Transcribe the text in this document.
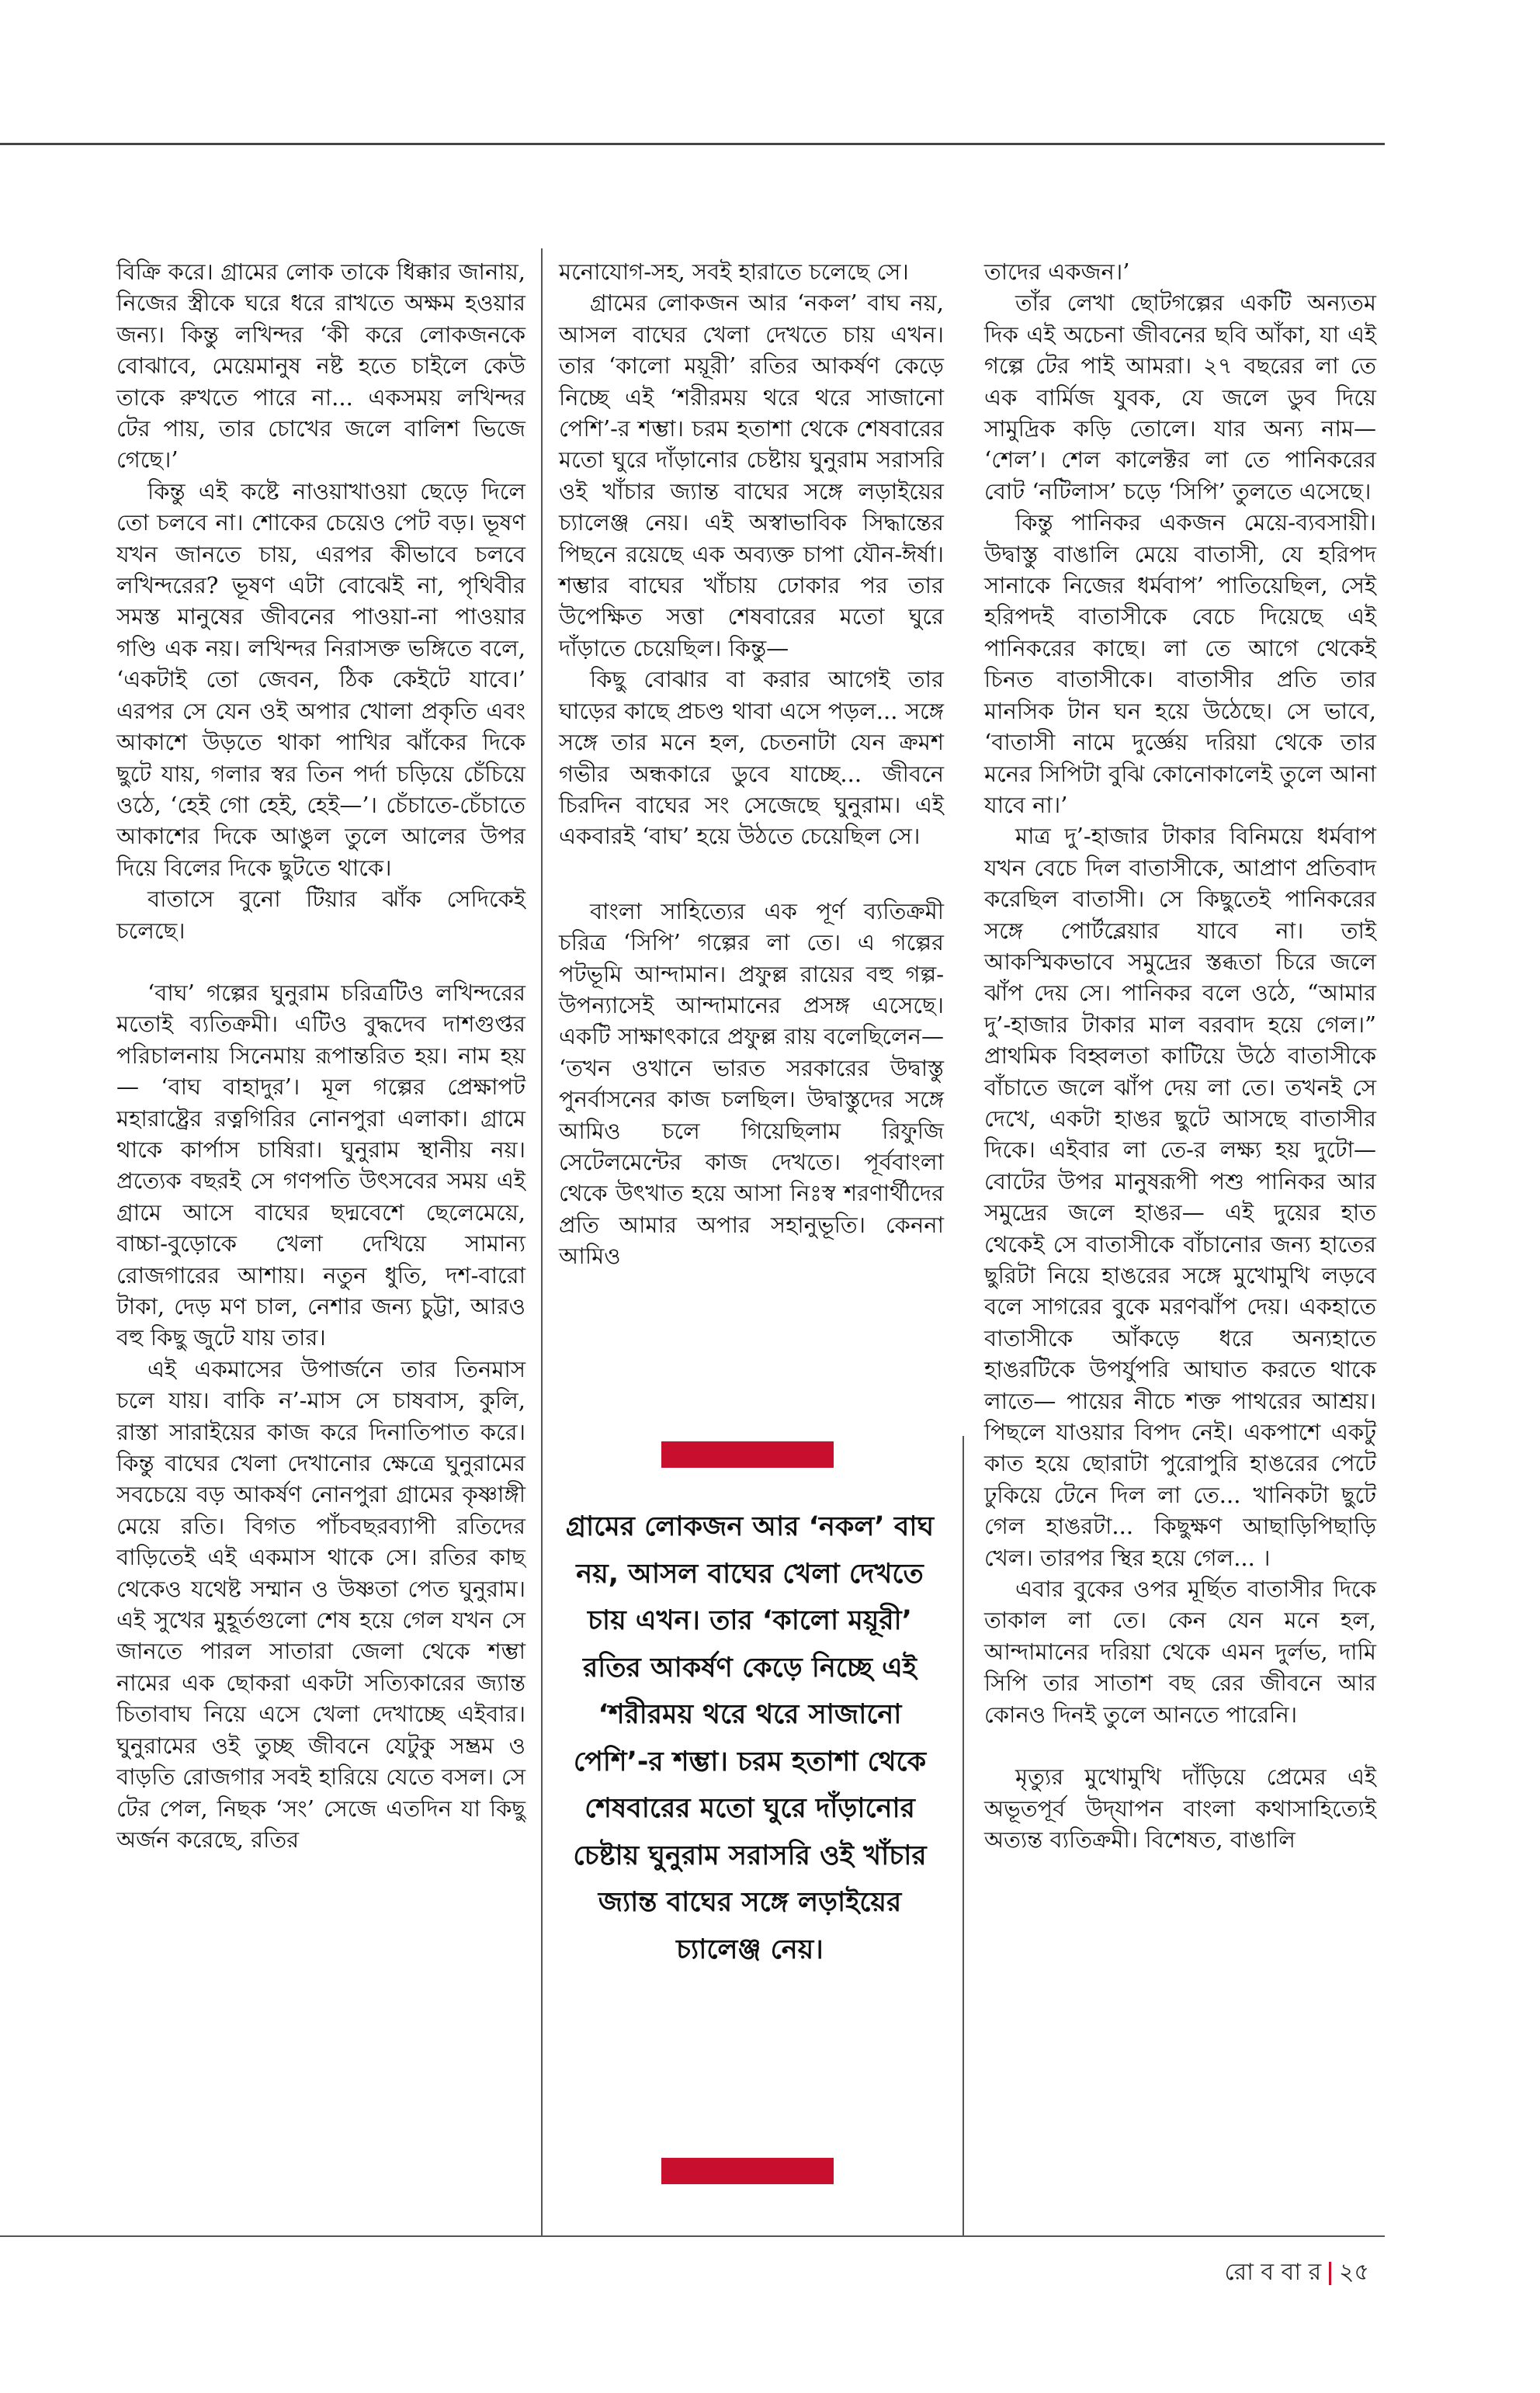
বিক্রি করে। গ্রামের লোক তাকে ধিক্কার জানায়, নিজের স্ত্রীকে ঘরে ধরে রাখতে অক্ষম হওয়ার জন্য। কিন্তু লখিন্দর ‘কী করে লোকজনকে বোঝাবে, মেয়েমানুষ নষ্ট হতে চাইলে কেউ তাকে রুখতে পারে না... একসময় লখিন্দর টের পায়, তার চোখের জলে বালিশ ভিজে গেছে।’

কিন্তু এই কষ্টে নাওয়াখাওয়া ছেড়ে দিলে তো চলবে না। শোকের চেয়েও পেট বড়। ভূষণ যখন জানতে চায়, এরপর কীভাবে চলবে লখিন্দরের? ভূষণ এটা বোঝেই না, পৃথিবীর সমস্ত মানুষের জীবনের পাওয়া-না পাওয়ার গণ্ডি এক নয়। লখিন্দর নিরাসক্ত ভঙ্গিতে বলে, ‘একটাই তো জেবন, ঠিক কেইটে যাবে।’ এরপর সে যেন ওই অপার খোলা প্রকৃতি এবং আকাশে উড়তে থাকা পাখির ঝাঁকের দিকে ছুটে যায়, গলার স্বর তিন পর্দা চড়িয়ে চেঁচিয়ে ওঠে, ‘হেই গো হেই, হেই—’। চেঁচাতে-চেঁচাতে আকাশের দিকে আঙুল তুলে আলের উপর দিয়ে বিলের দিকে ছুটতে থাকে।

বাতাসে বুনো টিয়ার ঝাঁক সেদিকেই চলেছে।

‘বাঘ’ গল্পের ঘুনুরাম চরিত্রটিও লখিন্দরের মতোই ব্যতিক্রমী। এটিও বুদ্ধদেব দাশগুপ্তর পরিচালনায় সিনেমায় রূপান্তরিত হয়। নাম হয়— ‘বাঘ বাহাদুর’। মূল গল্পের প্রেক্ষাপট মহারাষ্ট্রের রত্নগিরির নোনপুরা এলাকা। গ্রামে থাকে কার্পাস চাষিরা। ঘুনুরাম স্থানীয় নয়। প্রত্যেক বছরই সে গণপতি উৎসবের সময় এই গ্রামে আসে বাঘের ছদ্মবেশে ছেলেমেয়ে, বাচ্চা-বুড়োকে খেলা দেখিয়ে সামান্য রোজগারের আশায়। নতুন ধুতি, দশ-বারো টাকা, দেড় মণ চাল, নেশার জন্য চুট্টা, আরও বহু কিছু জুটে যায় তার।

এই একমাসের উপার্জনে তার তিনমাস চলে যায়। বাকি ন’-মাস সে চাষবাস, কুলি, রাস্তা সারাইয়ের কাজ করে দিনাতিপাত করে। কিন্তু বাঘের খেলা দেখানোর ক্ষেত্রে ঘুনুরামের সবচেয়ে বড় আকর্ষণ নোনপুরা গ্রামের কৃষ্ণাঙ্গী মেয়ে রতি। বিগত পাঁচবছরব্যাপী রতিদের বাড়িতেই এই একমাস থাকে সে। রতির কাছ থেকেও যথেষ্ট সম্মান ও উষ্ণতা পেত ঘুনুরাম। এই সুখের মুহূর্তগুলো শেষ হয়ে গেল যখন সে জানতে পারল সাতারা জেলা থেকে শম্ভা নামের এক ছোকরা একটা সত্যিকারের জ্যান্ত চিতাবাঘ নিয়ে এসে খেলা দেখাচ্ছে এইবার। ঘুনুরামের ওই তুচ্ছ জীবনে যেটুকু সম্ভ্রম ও বাড়তি রোজগার সবই হারিয়ে যেতে বসল। সে টের পেল, নিছক ‘সং’ সেজে এতদিন যা কিছু অর্জন করেছে, রতির

মনোযোগ-সহ, সবই হারাতে চলেছে সে।

গ্রামের লোকজন আর ‘নকল’ বাঘ নয়, আসল বাঘের খেলা দেখতে চায় এখন। তার ‘কালো ময়ূরী’ রতির আকর্ষণ কেড়ে নিচ্ছে এই ‘শরীরময় থরে থরে সাজানো পেশি’-র শম্ভা। চরম হতাশা থেকে শেষবারের মতো ঘুরে দাঁড়ানোর চেষ্টায় ঘুনুরাম সরাসরি ওই খাঁচার জ্যান্ত বাঘের সঙ্গে লড়াইয়ের চ্যালেঞ্জ নেয়। এই অস্বাভাবিক সিদ্ধান্তের পিছনে রয়েছে এক অব্যক্ত চাপা যৌন-ঈর্ষা। শম্ভার বাঘের খাঁচায় ঢোকার পর তার উপেক্ষিত সত্তা শেষবারের মতো ঘুরে দাঁড়াতে চেয়েছিল। কিন্তু—

কিছু বোঝার বা করার আগেই তার ঘাড়ের কাছে প্রচণ্ড থাবা এসে পড়ল... সঙ্গে সঙ্গে তার মনে হল, চেতনাটা যেন ক্রমশ গভীর অন্ধকারে ডুবে যাচ্ছে... জীবনে চিরদিন বাঘের সং সেজেছে ঘুনুরাম। এই একবারই ‘বাঘ’ হয়ে উঠতে চেয়েছিল সে।

বাংলা সাহিত্যের এক পূর্ণ ব্যতিক্রমী চরিত্র ‘সিপি’ গল্পের লা তে। এ গল্পের পটভূমি আন্দামান। প্রফুল্ল রায়ের বহু গল্প-উপন্যাসেই আন্দামানের প্রসঙ্গ এসেছে। একটি সাক্ষাৎকারে প্রফুল্ল রায় বলেছিলেন— ‘তখন ওখানে ভারত সরকারের উদ্বাস্তু পুনর্বাসনের কাজ চলছিল। উদ্বাস্তুদের সঙ্গে আমিও চলে গিয়েছিলাম রিফুজি সেটেলমেন্টের কাজ দেখতে। পূর্ববাংলা থেকে উৎখাত হয়ে আসা নিঃস্ব শরণার্থীদের প্রতি আমার অপার সহানুভূতি। কেননা আমিও

তাদের একজন।’

তাঁর লেখা ছোটগল্পের একটি অন্যতম দিক এই অচেনা জীবনের ছবি আঁকা, যা এই গল্পে টের পাই আমরা। ২৭ বছরের লা তে এক বার্মিজ যুবক, যে জলে ডুব দিয়ে সামুদ্রিক কড়ি তোলে। যার অন্য নাম— ‘শেল’। শেল কালেক্টর লা তে পানিকরের বোট ‘নটিলাস’ চড়ে ‘সিপি’ তুলতে এসেছে।

কিন্তু পানিকর একজন মেয়ে-ব্যবসায়ী। উদ্বাস্তু বাঙালি মেয়ে বাতাসী, যে হরিপদ সানাকে নিজের ধর্মবাপ’ পাতিয়েছিল, সেই হরিপদই বাতাসীকে বেচে দিয়েছে এই পানিকরের কাছে। লা তে আগে থেকেই চিনত বাতাসীকে। বাতাসীর প্রতি তার মানসিক টান ঘন হয়ে উঠেছে। সে ভাবে, ‘বাতাসী নামে দুর্জ্ঞেয় দরিয়া থেকে তার মনের সিপিটা বুঝি কোনোকালেই তুলে আনা যাবে না।’

মাত্র দু’-হাজার টাকার বিনিময়ে ধর্মবাপ যখন বেচে দিল বাতাসীকে, আপ্রাণ প্রতিবাদ করেছিল বাতাসী। সে কিছুতেই পানিকরের সঙ্গে পোর্টব্লেয়ার যাবে না। তাই আকস্মিকভাবে সমুদ্রের স্তব্ধতা চিরে জলে ঝাঁপ দেয় সে। পানিকর বলে ওঠে, “আমার দু’-হাজার টাকার মাল বরবাদ হয়ে গেল।” প্রাথমিক বিহ্বলতা কাটিয়ে উঠে বাতাসীকে বাঁচাতে জলে ঝাঁপ দেয় লা তে। তখনই সে দেখে, একটা হাঙর ছুটে আসছে বাতাসীর দিকে। এইবার লা তে-র লক্ষ্য হয় দুটো— বোটের উপর মানুষরূপী পশু পানিকর আর সমুদ্রের জলে হাঙর— এই দুয়ের হাত থেকেই সে বাতাসীকে বাঁচানোর জন্য হাতের ছুরিটা নিয়ে হাঙরের সঙ্গে মুখোমুখি লড়বে বলে সাগরের বুকে মরণঝাঁপ দেয়। একহাতে বাতাসীকে আঁকড়ে ধরে অন্যহাতে হাঙরটিকে উপর্যুপরি আঘাত করতে থাকে লাতে— পায়ের নীচে শক্ত পাথরের আশ্রয়। পিছলে যাওয়ার বিপদ নেই। একপাশে একটু কাত হয়ে ছোরাটা পুরোপুরি হাঙরের পেটে ঢুকিয়ে টেনে দিল লা তে... খানিকটা ছুটে গেল হাঙরটা... কিছুক্ষণ আছাড়িপিছাড়ি খেল। তারপর স্থির হয়ে গেল... ।

এবার বুকের ওপর মূর্ছিত বাতাসীর দিকে তাকাল লা তে। কেন যেন মনে হল, আন্দামানের দরিয়া থেকে এমন দুর্লভ, দামি সিপি তার সাতাশ বছ রের জীবনে আর কোনও দিনই তুলে আনতে পারেনি।

মৃত্যুর মুখোমুখি দাঁড়িয়ে প্রেমের এই অভূতপূর্ব উদ্‌যাপন বাংলা কথাসাহিত্যেই অত্যন্ত ব্যতিক্রমী। বিশেষত, বাঙালি

গ্রামের লোকজন আর ‘নকল’ বাঘ নয়, আসল বাঘের খেলা দেখতে চায় এখন। তার ‘কালো ময়ূরী’ রতির আকর্ষণ কেড়ে নিচ্ছে এই ‘শরীরময় থরে থরে সাজানো পেশি’-র শম্ভা। চরম হতাশা থেকে শেষবারের মতো ঘুরে দাঁড়ানোর চেষ্টায় ঘুনুরাম সরাসরি ওই খাঁচার জ্যান্ত বাঘের সঙ্গে লড়াইয়ের চ্যালেঞ্জ নেয়।
রো ব বা র | ২৫
